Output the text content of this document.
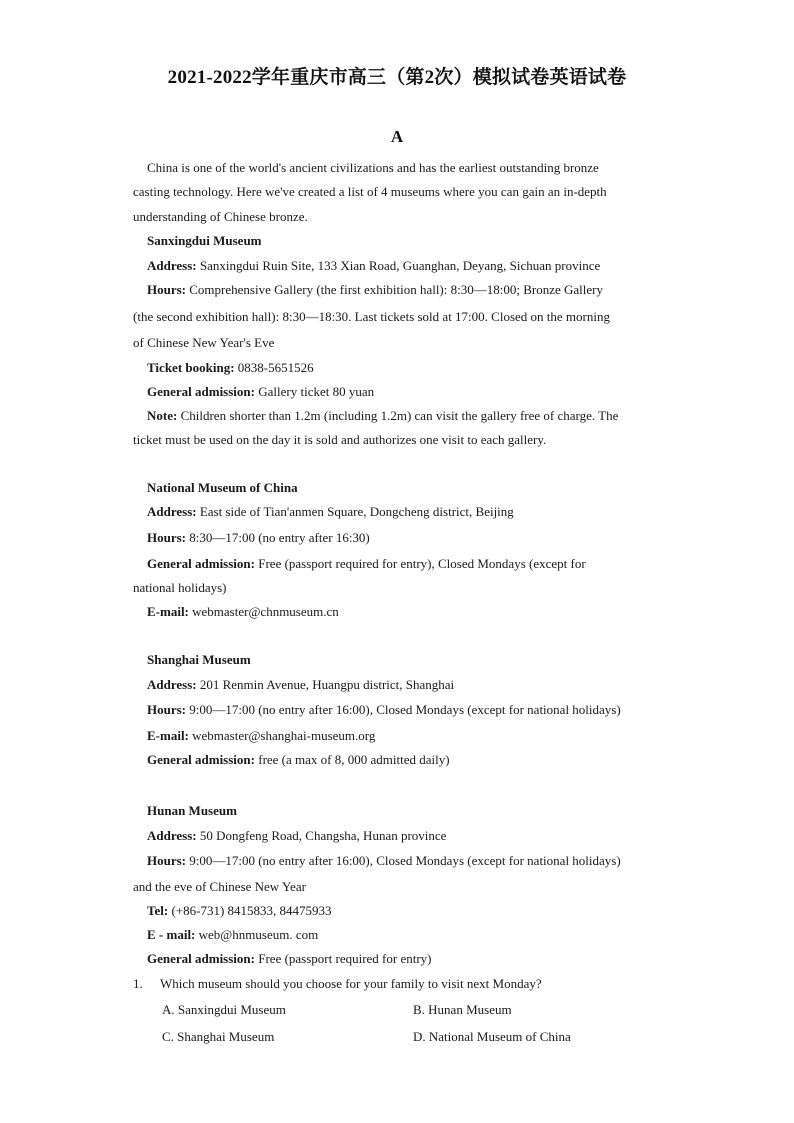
2021-2022学年重庆市高三（第2次）模拟试卷英语试卷
A
China is one of the world's ancient civilizations and has the earliest outstanding bronze
casting technology. Here we've created a list of 4 museums where you can gain an in-depth
understanding of Chinese bronze.
Sanxingdui Museum
Address: Sanxingdui Ruin Site, 133 Xian Road, Guanghan, Deyang, Sichuan province
Hours: Comprehensive Gallery (the first exhibition hall): 8:30—18:00; Bronze Gallery
(the second exhibition hall): 8:30—18:30. Last tickets sold at 17:00. Closed on the morning
of Chinese New Year's Eve
Ticket booking: 0838-5651526
General admission: Gallery ticket 80 yuan
Note: Children shorter than 1.2m (including 1.2m) can visit the gallery free of charge. The
ticket must be used on the day it is sold and authorizes one visit to each gallery.
National Museum of China
Address: East side of Tian'anmen Square, Dongcheng district, Beijing
Hours: 8:30—17:00 (no entry after 16:30)
General admission: Free (passport required for entry), Closed Mondays (except for
national holidays)
E-mail: webmaster@chnmuseum.cn
Shanghai Museum
Address: 201 Renmin Avenue, Huangpu district, Shanghai
Hours: 9:00—17:00 (no entry after 16:00), Closed Mondays (except for national holidays)
E-mail: webmaster@shanghai-museum.org
General admission: free (a max of 8, 000 admitted daily)
Hunan Museum
Address: 50 Dongfeng Road, Changsha, Hunan province
Hours: 9:00—17:00 (no entry after 16:00), Closed Mondays (except for national holidays)
and the eve of Chinese New Year
Tel: (+86-731) 8415833, 84475933
E - mail: web@hnmuseum. com
General admission: Free (passport required for entry)
1. Which museum should you choose for your family to visit next Monday?
A. Sanxingdui Museum	B. Hunan Museum
C. Shanghai Museum	D. National Museum of China
